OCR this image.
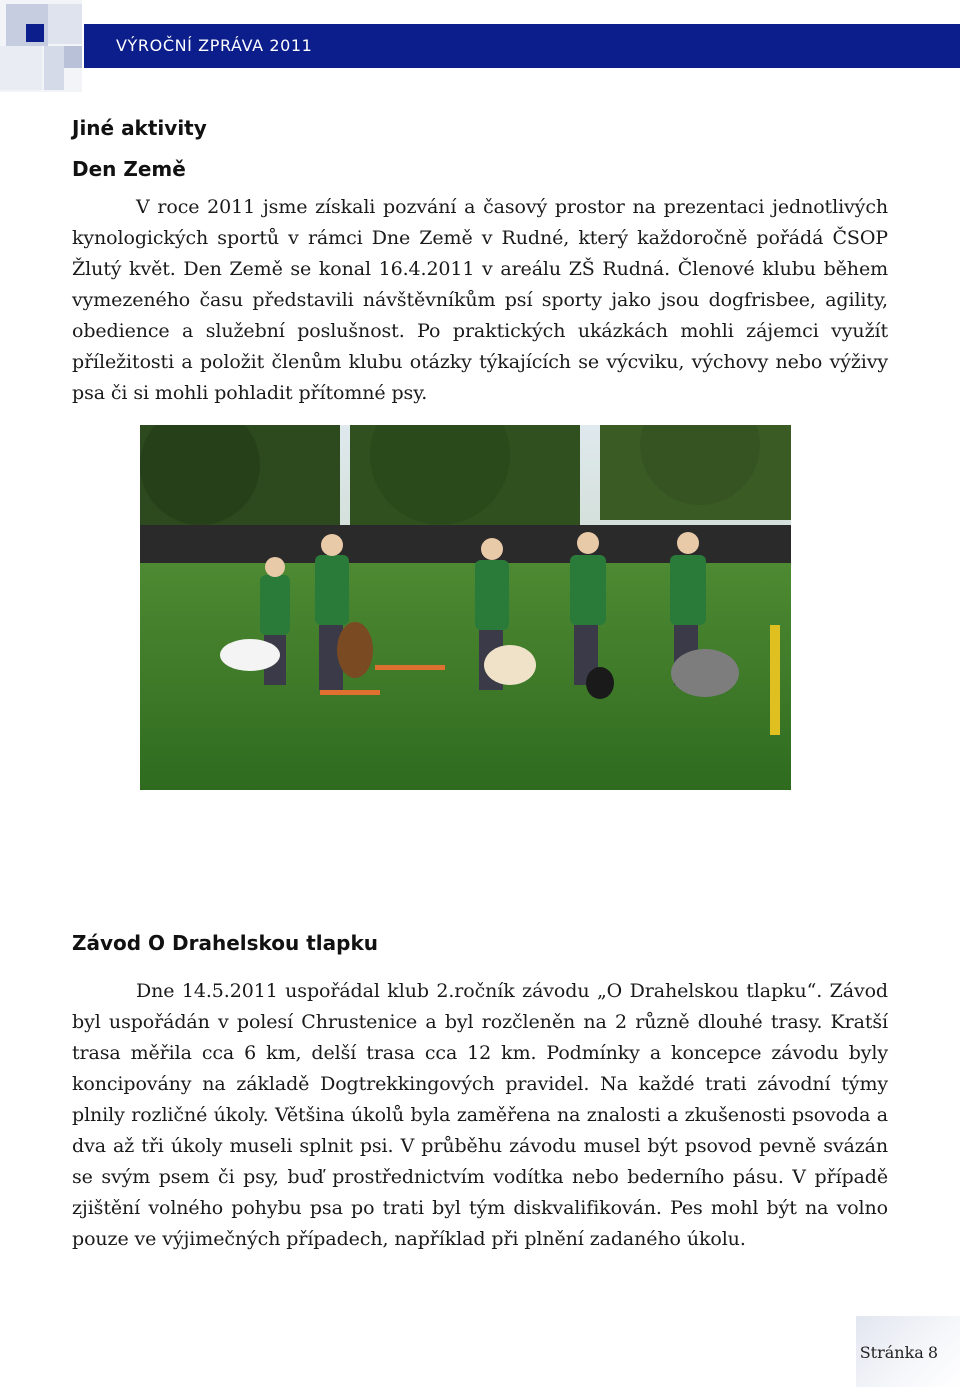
VÝROČNÍ ZPRÁVA 2011
Jiné aktivity
Den Země

V roce 2011 jsme získali pozvání a časový prostor na prezentaci jednotlivých kynologických sportů v rámci Dne Země v Rudné, který každoročně pořádá ČSOP Žlutý květ. Den Země se konal 16.4.2011 v areálu ZŠ Rudná. Členové klubu během vymezeného času představili návštěvníkům psí sporty jako jsou dogfrisbee, agility, obedience a služební poslušnost. Po praktických ukázkách mohli zájemci využít příležitosti a položit členům klubu otázky týkajících se výcviku, výchovy nebo výživy psa či si mohli pohladit přítomné psy.

Závod O Drahelskou tlapku

Dne 14.5.2011 uspořádal klub 2.ročník závodu „O Drahelskou tlapku“. Závod byl uspořádán v polesí Chrustenice a byl rozčleněn na 2 různě dlouhé trasy. Kratší trasa měřila cca 6 km, delší trasa cca 12 km. Podmínky a koncepce závodu byly koncipovány na základě Dogtrekkingových pravidel. Na každé trati závodní týmy plnily rozličné úkoly. Většina úkolů byla zaměřena na znalosti a zkušenosti psovoda a dva až tři úkoly museli splnit psi. V průběhu závodu musel být psovod pevně svázán se svým psem či psy, buď prostřednictvím vodítka nebo bederního pásu. V případě zjištění volného pohybu psa po trati byl tým diskvalifikován. Pes mohl být na volno pouze ve výjimečných případech, například při plnění zadaného úkolu.

Stránka 8
